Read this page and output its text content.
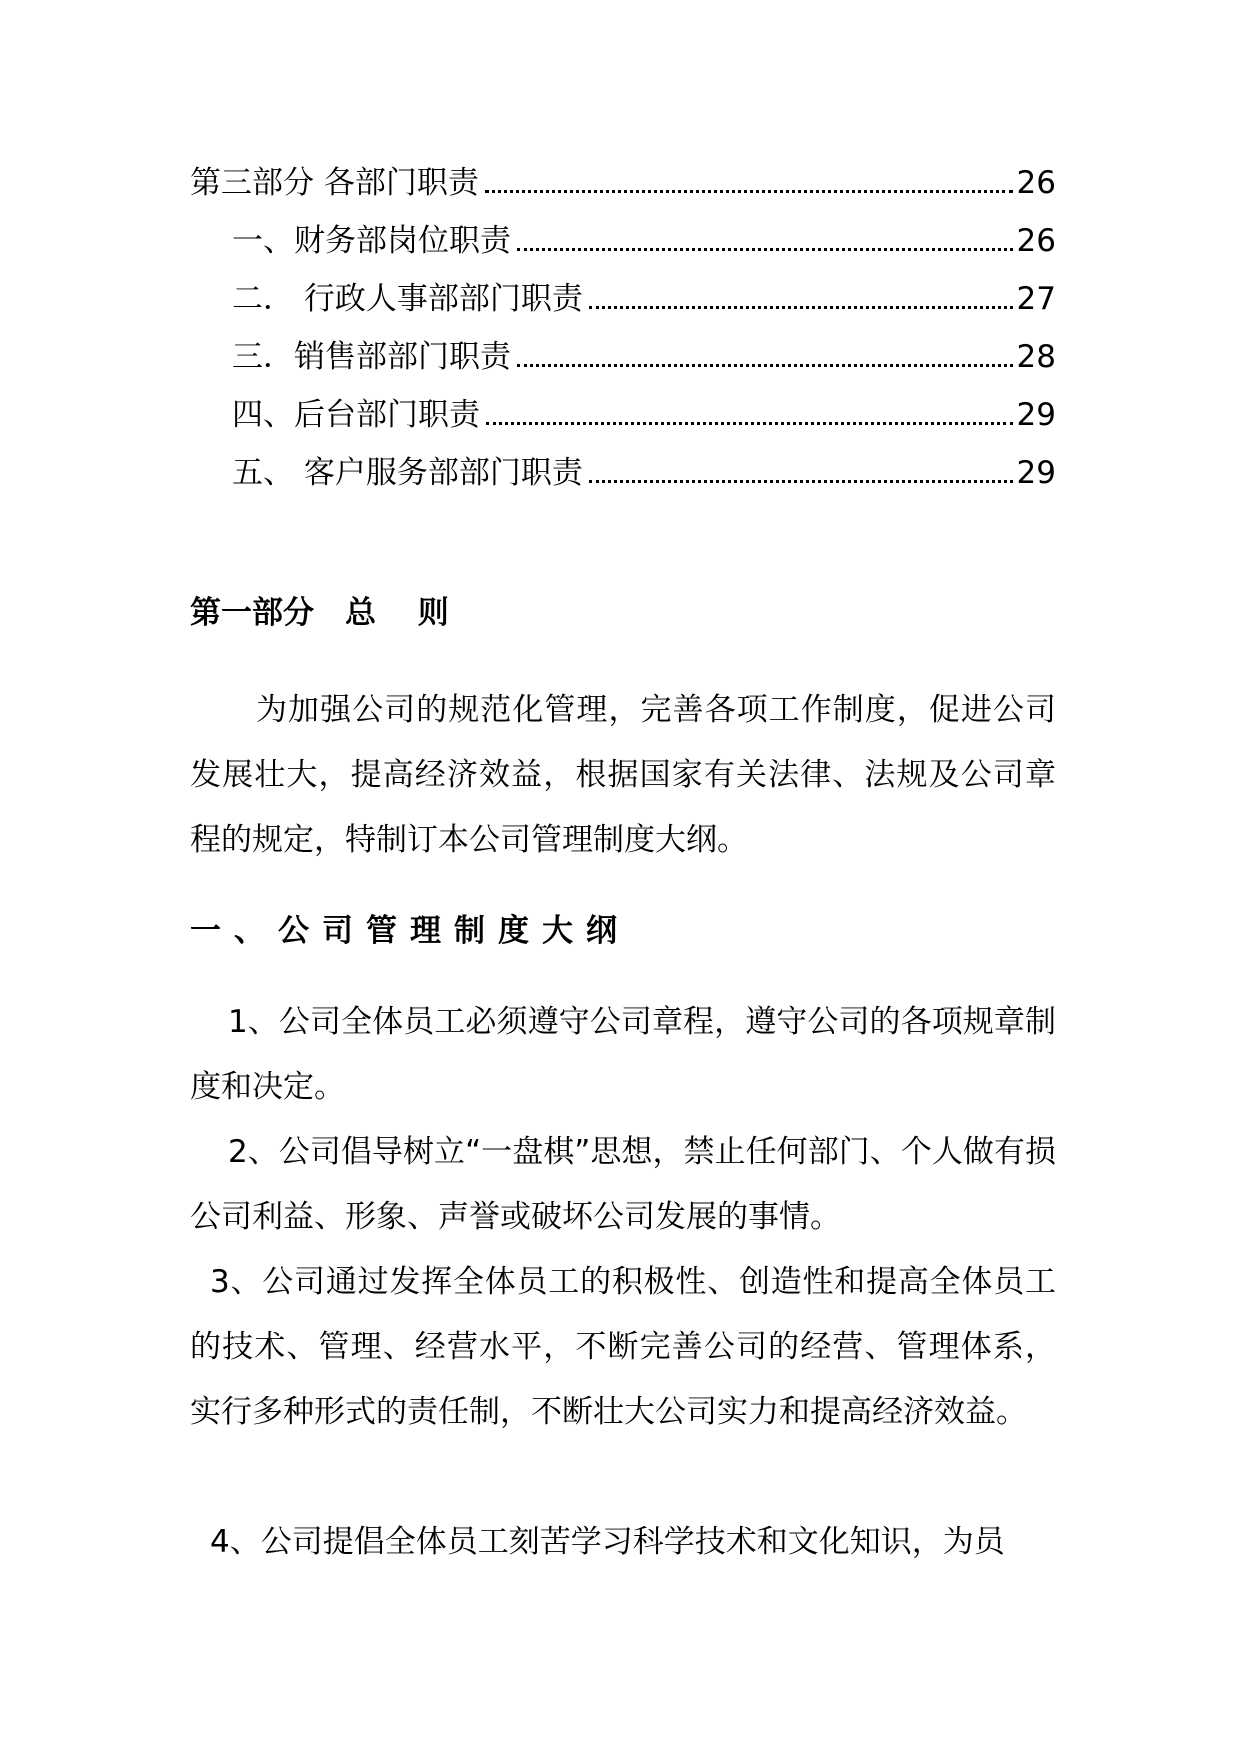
第三部分 各部门职责	26
一、财务部岗位职责	26
二． 行政人事部部门职责	27
三．销售部部门职责	28
四、后台部门职责	29
五、 客户服务部部门职责	29
第一部分　总　 则
为加强公司的规范化管理，完善各项工作制度，促进公司发展壮大，提高经济效益，根据国家有关法律、法规及公司章程的规定，特制订本公司管理制度大纲。
一、公司管理制度大纲
1、公司全体员工必须遵守公司章程，遵守公司的各项规章制度和决定。
2、公司倡导树立“一盘棋”思想，禁止任何部门、个人做有损公司利益、形象、声誉或破坏公司发展的事情。
3、公司通过发挥全体员工的积极性、创造性和提高全体员工的技术、管理、经营水平，不断完善公司的经营、管理体系，实行多种形式的责任制，不断壮大公司实力和提高经济效益。
4、公司提倡全体员工刻苦学习科学技术和文化知识，为员
